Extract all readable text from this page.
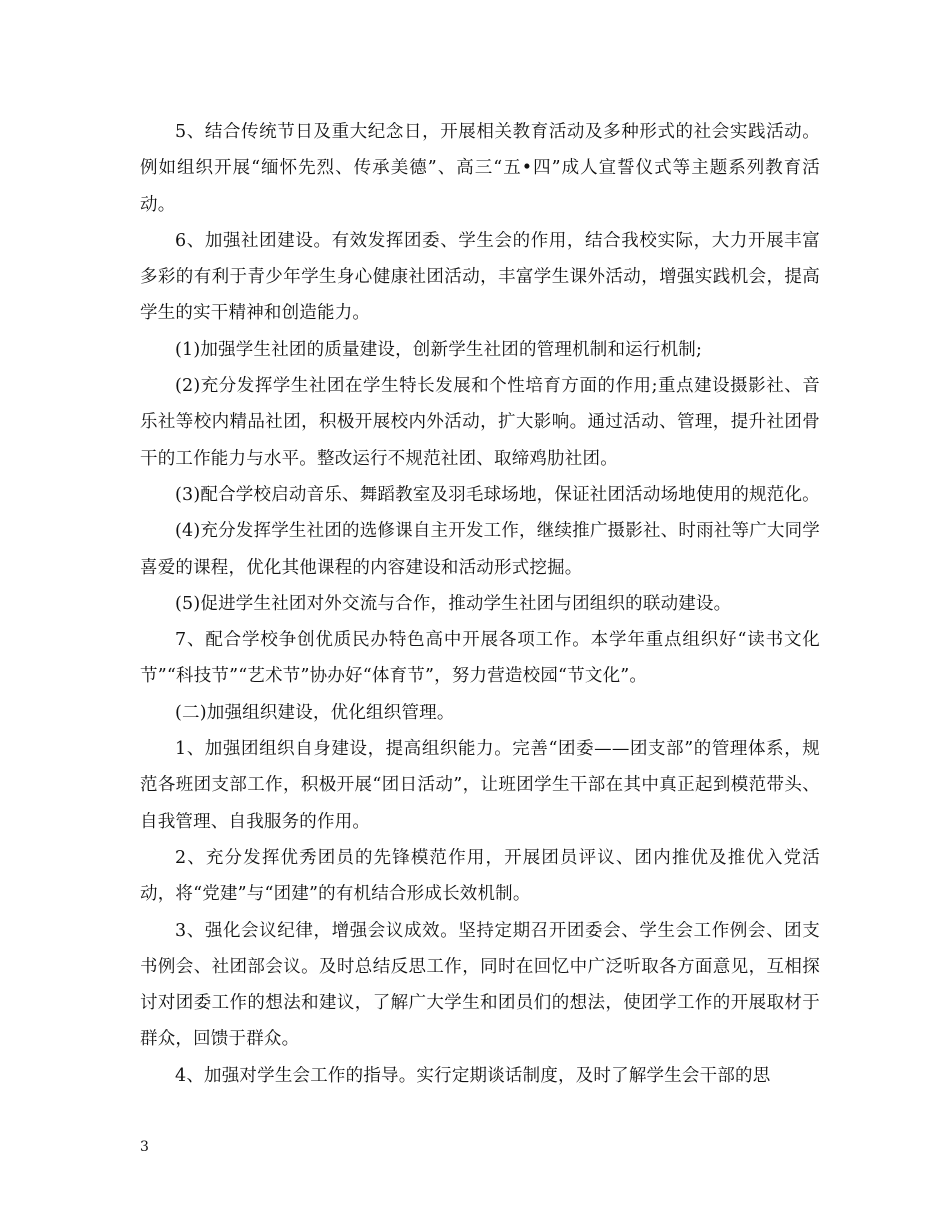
5、结合传统节日及重大纪念日，开展相关教育活动及多种形式的社会实践活动。例如组织开展“缅怀先烈、传承美德”、高三“五•四”成人宣誓仪式等主题系列教育活动。

6、加强社团建设。有效发挥团委、学生会的作用，结合我校实际，大力开展丰富多彩的有利于青少年学生身心健康社团活动，丰富学生课外活动，增强实践机会，提高学生的实干精神和创造能力。

(1)加强学生社团的质量建设，创新学生社团的管理机制和运行机制;

(2)充分发挥学生社团在学生特长发展和个性培育方面的作用;重点建设摄影社、音乐社等校内精品社团，积极开展校内外活动，扩大影响。通过活动、管理，提升社团骨干的工作能力与水平。整改运行不规范社团、取缔鸡肋社团。

(3)配合学校启动音乐、舞蹈教室及羽毛球场地，保证社团活动场地使用的规范化。

(4)充分发挥学生社团的选修课自主开发工作，继续推广摄影社、时雨社等广大同学喜爱的课程，优化其他课程的内容建设和活动形式挖掘。

(5)促进学生社团对外交流与合作，推动学生社团与团组织的联动建设。

7、配合学校争创优质民办特色高中开展各项工作。本学年重点组织好“读书文化节”“科技节”“艺术节”协办好“体育节”，努力营造校园“节文化”。

(二)加强组织建设，优化组织管理。

1、加强团组织自身建设，提高组织能力。完善“团委——团支部”的管理体系，规范各班团支部工作，积极开展“团日活动”，让班团学生干部在其中真正起到模范带头、自我管理、自我服务的作用。

2、充分发挥优秀团员的先锋模范作用，开展团员评议、团内推优及推优入党活动，将“党建”与“团建”的有机结合形成长效机制。

3、强化会议纪律，增强会议成效。坚持定期召开团委会、学生会工作例会、团支书例会、社团部会议。及时总结反思工作，同时在回忆中广泛听取各方面意见，互相探讨对团委工作的想法和建议，了解广大学生和团员们的想法，使团学工作的开展取材于群众，回馈于群众。

4、加强对学生会工作的指导。实行定期谈话制度，及时了解学生会干部的思

3
